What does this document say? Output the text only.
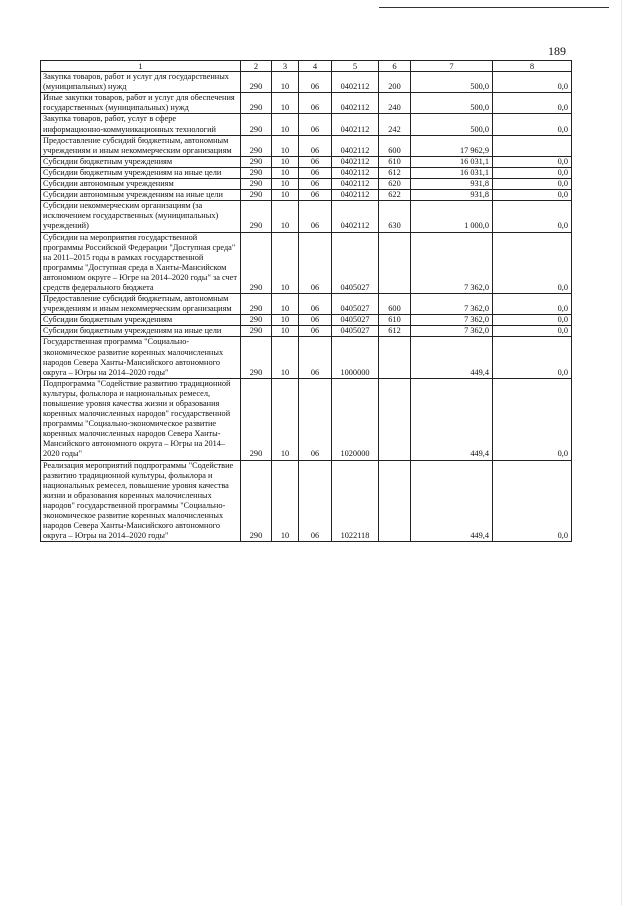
189
1	2	3	4	5	6	7	8
Закупка товаров, работ и услуг для государственных (муниципальных) нужд	290	10	06	0402112	200	500,0	0,0
Иные закупки товаров, работ и услуг для обеспечения государственных (муниципальных) нужд	290	10	06	0402112	240	500,0	0,0
Закупка товаров, работ, услуг в сфере информационно-коммуникационных технологий	290	10	06	0402112	242	500,0	0,0
Предоставление субсидий бюджетным, автономным учреждениям и иным некоммерческим организациям	290	10	06	0402112	600	17 962,9	
Субсидии бюджетным учреждениям	290	10	06	0402112	610	16 031,1	0,0
Субсидии бюджетным учреждениям на иные цели	290	10	06	0402112	612	16 031,1	0,0
Субсидии автономным учреждениям	290	10	06	0402112	620	931,8	0,0
Субсидии автономным учреждениям на иные цели	290	10	06	0402112	622	931,8	0,0
Субсидии некоммерческим организациям (за исключением государственных (муниципальных) учреждений)	290	10	06	0402112	630	1 000,0	0,0
Субсидии на мероприятия государственной программы Российской Федерации "Доступная среда" на 2011–2015 годы в рамках государственной программы "Доступная среда в Ханты-Мансийском автономном округе – Югре на 2014–2020 годы" за счет средств федерального бюджета	290	10	06	0405027		7 362,0	0,0
Предоставление субсидий бюджетным, автономным учреждениям и иным некоммерческим организациям	290	10	06	0405027	600	7 362,0	0,0
Субсидии бюджетным учреждениям	290	10	06	0405027	610	7 362,0	0,0
Субсидии бюджетным учреждениям на иные цели	290	10	06	0405027	612	7 362,0	0,0
Государственная программа "Социально-экономическое развитие коренных малочисленных народов Севера Ханты-Мансийского автономного округа – Югры на 2014–2020 годы"	290	10	06	1000000		449,4	0,0
Подпрограмма "Содействие развитию традиционной культуры, фольклора и национальных ремесел, повышение уровня качества жизни и образования коренных малочисленных народов" государственной программы "Социально-экономическое развитие коренных малочисленных народов Севера Ханты-Мансийского автономного округа – Югры на 2014–2020 годы"	290	10	06	1020000		449,4	0,0
Реализация мероприятий подпрограммы "Содействие развитию традиционной культуры, фольклора и национальных ремесел, повышение уровня качества жизни и образования коренных малочисленных народов" государственной программы "Социально-экономическое развитие коренных малочисленных народов Севера Ханты-Мансийского автономного округа – Югры на 2014–2020 годы"	290	10	06	1022118		449,4	0,0
